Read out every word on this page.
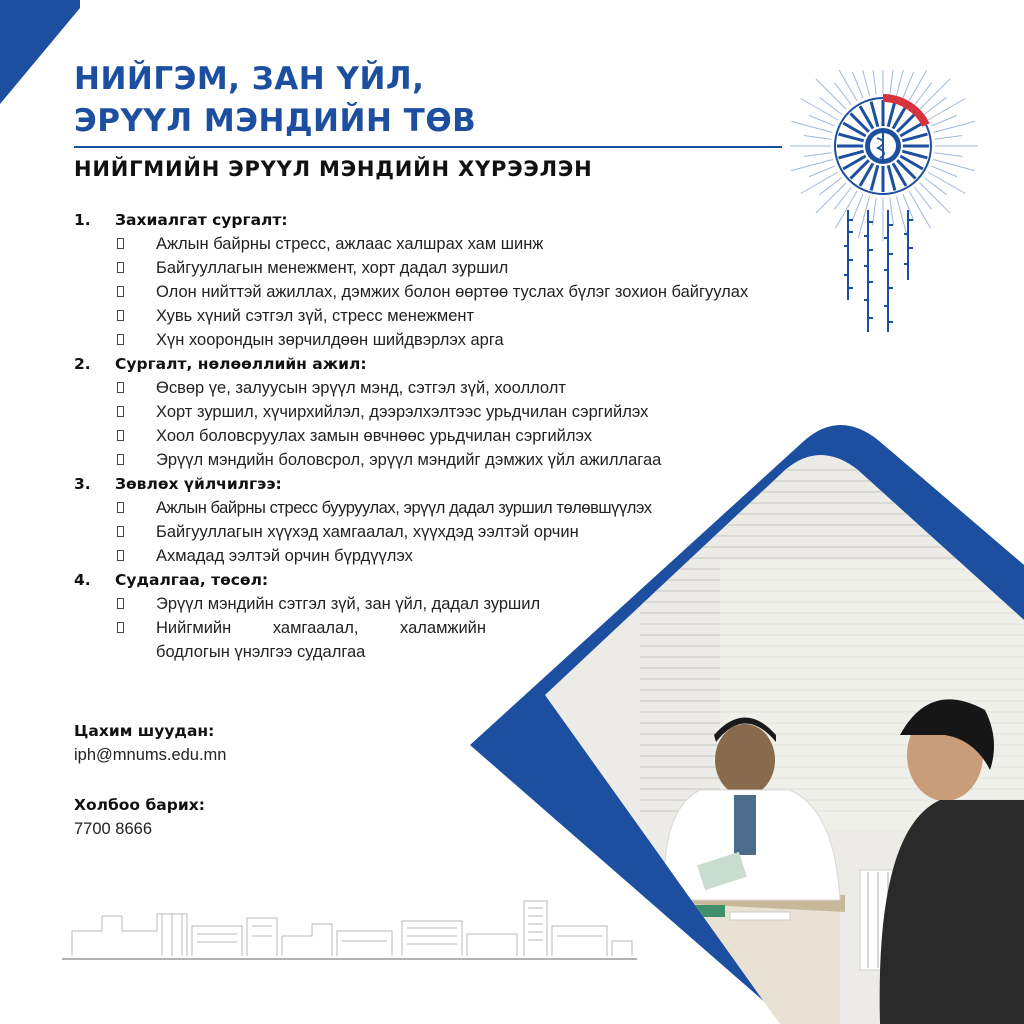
НИЙГЭМ, ЗАН ҮЙЛ,
ЭРҮҮЛ МЭНДИЙН ТӨВ
НИЙГМИЙН ЭРҮҮЛ МЭНДИЙН ХҮРЭЭЛЭН
1.	Захиалгат сургалт:
Ажлын байрны стресс, ажлаас халшрах хам шинж
Байгууллагын менежмент, хорт дадал зуршил
Олон нийттэй ажиллах, дэмжих болон өөртөө туслах бүлэг зохион байгуулах
Хувь хүний сэтгэл зүй, стресс менежмент
Хүн хоорондын зөрчилдөөн шийдвэрлэх арга
2.	Сургалт, нөлөөллийн ажил:
Өсвөр үе, залуусын эрүүл мэнд, сэтгэл зүй, хооллолт
Хорт зуршил, хүчирхийлэл, дээрэлхэлтээс урьдчилан сэргийлэх
Хоол боловсруулах замын өвчнөөс урьдчилан сэргийлэх
Эрүүл мэндийн боловсрол, эрүүл мэндийг дэмжих үйл ажиллагаа
3.	Зөвлөх үйлчилгээ:
Ажлын байрны стресс бууруулах, эрүүл дадал зуршил төлөвшүүлэх
Байгууллагын хүүхэд хамгаалал, хүүхдэд ээлтэй орчин
Ахмадад ээлтэй орчин бүрдүүлэх
4.	Судалгаа, төсөл:
Эрүүл мэндийн сэтгэл зүй, зан үйл, дадал зуршил
Нийгмийн хамгаалал, халамжийн бодлогын үнэлгээ судалгаа
Цахим шуудан:
iph@mnums.edu.mn
Холбоо барих:
7700 8666
